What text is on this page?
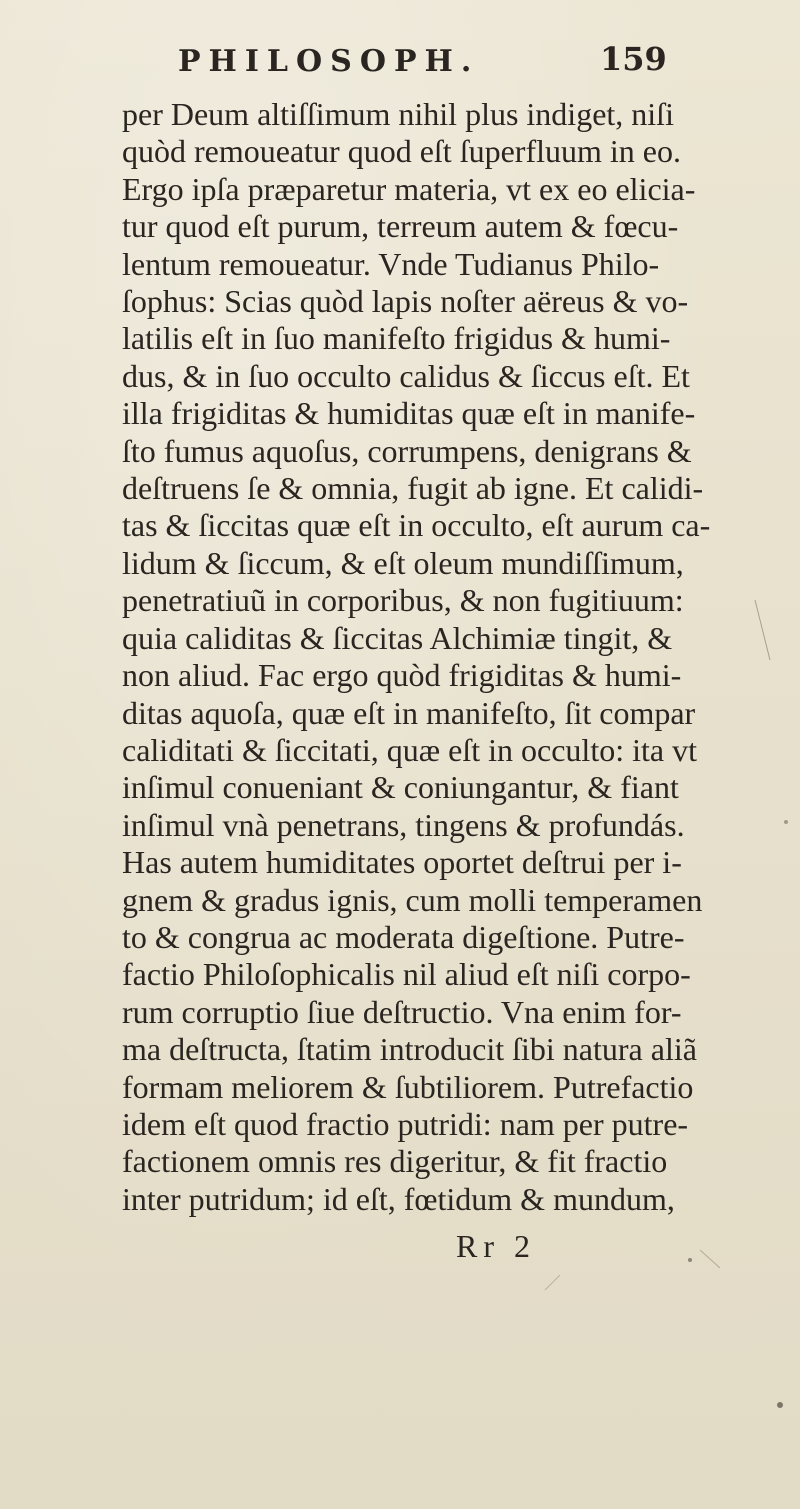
PHILOSOPH.	159
per Deum altiſſimum nihil plus indiget, niſi
quòd remoueatur quod eſt ſuperfluum in eo.
Ergo ipſa præparetur materia, vt ex eo elicia-
tur quod eſt purum, terreum autem & fœcu-
lentum remoueatur. Vnde Tudianus Philo-
ſophus: Scias quòd lapis noſter aëreus & vo-
latilis eſt in ſuo manifeſto frigidus & humi-
dus, & in ſuo occulto calidus & ſiccus eſt. Et
illa frigiditas & humiditas quæ eſt in manife-
ſto fumus aquoſus, corrumpens, denigrans &
deſtruens ſe & omnia, fugit ab igne. Et calidi-
tas & ſiccitas quæ eſt in occulto, eſt aurum ca-
lidum & ſiccum, & eſt oleum mundiſſimum,
penetratiuũ in corporibus, & non fugitiuum:
quia caliditas & ſiccitas Alchimiæ tingit, &
non aliud. Fac ergo quòd frigiditas & humi-
ditas aquoſa, quæ eſt in manifeſto, ſit compar
caliditati & ſiccitati, quæ eſt in occulto: ita vt
inſimul conueniant & coniungantur, & fiant
inſimul vnà penetrans, tingens & profundás.
Has autem humiditates oportet deſtrui per i-
gnem & gradus ignis, cum molli temperamen
to & congrua ac moderata digeſtione. Putre-
factio Philoſophicalis nil aliud eſt niſi corpo-
rum corruptio ſiue deſtructio. Vna enim for-
ma deſtructa, ſtatim introducit ſibi natura aliã
formam meliorem & ſubtiliorem. Putrefactio
idem eſt quod fractio putridi: nam per putre-
factionem omnis res digeritur, & fit fractio
inter putridum; id eſt, fœtidum & mundum,
Rr 2
